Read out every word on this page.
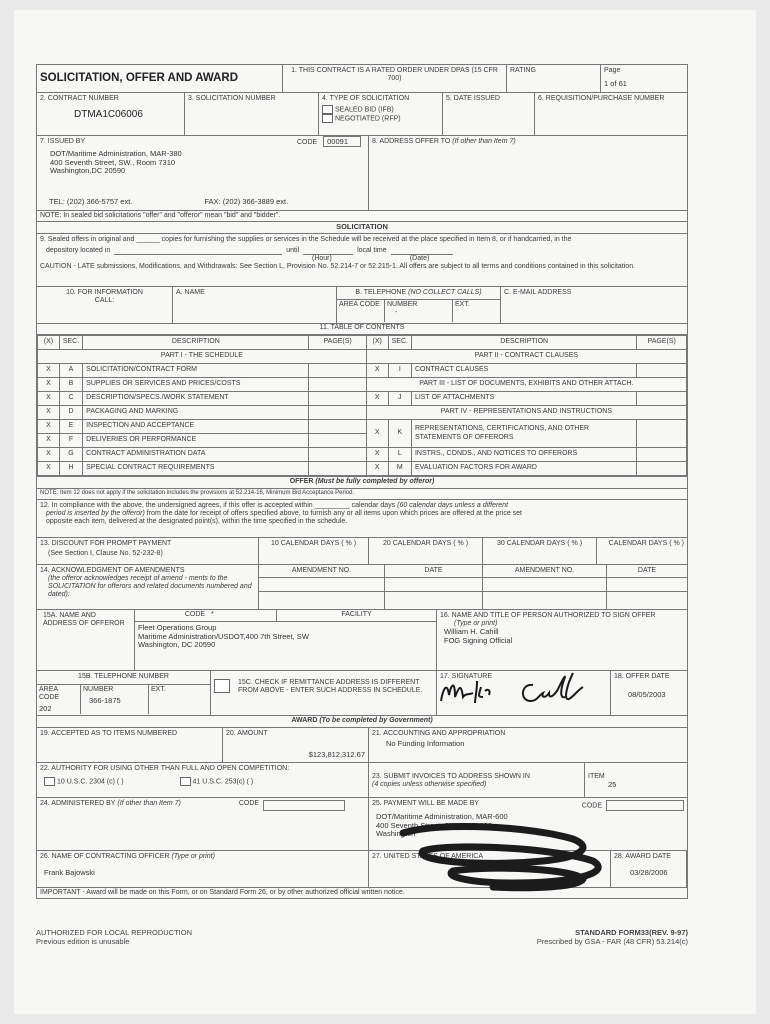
SOLICITATION, OFFER AND AWARD
1. THIS CONTRACT IS A RATED ORDER UNDER DPAS (15 CFR 700)
RATING	Page
1 of 61
2. CONTRACT NUMBER
DTMA1C06006
3. SOLICITATION NUMBER	4. TYPE OF SOLICITATION
SEALED BID (IFB)
NEGOTIATED (RFP)
5. DATE ISSUED	6. REQUISITION/PURCHASE NUMBER
7. ISSUED BY	CODE 00091
DOT/Maritime Administration, MAR-380
400 Seventh Street, SW., Room 7310
Washington,DC 20590
TEL: (202) 366-5757 ext.	FAX: (202) 366-3889 ext.
8. ADDRESS OFFER TO (If other than Item 7)
NOTE: In sealed bid solicitations "offer" and "offeror" mean "bid" and "bidder".
SOLICITATION
9. Sealed offers in original and ______ copies for furnishing the supplies or services in the Schedule will be received at the place specified in Item 8, or if handcarried, in the
depository located in	until	local time
(Hour)	(Date)
CAUTION - LATE submissions, Modifications, and Withdrawals: See Section L, Provision No. 52.214-7 or 52.215-1. All offers are subject to all terms and conditions contained in this solicitation.
10. FOR INFORMATION CALL:
A. NAME	B. TELEPHONE (NO COLLECT CALLS)
AREA CODE	NUMBER
-
EXT.
C. E-MAIL ADDRESS
11. TABLE OF CONTENTS
(X)	SEC.	DESCRIPTION	PAGE(S)	(X)	SEC.	DESCRIPTION	PAGE(S)
PART I - THE SCHEDULE				PART II - CONTRACT CLAUSES			
X	A	SOLICITATION/CONTRACT FORM		X	I	CONTRACT CLAUSES	
X	B	SUPPLIES OR SERVICES AND PRICES/COSTS		PART III - LIST OF DOCUMENTS, EXHIBITS AND OTHER ATTACH.			
X	C	DESCRIPTION/SPECS./WORK STATEMENT		X	J	LIST OF ATTACHMENTS	
X	D	PACKAGING AND MARKING		PART IV - REPRESENTATIONS AND INSTRUCTIONS			
X	E	INSPECTION AND ACCEPTANCE		X	K	REPRESENTATIONS, CERTIFICATIONS, AND OTHER STATEMENTS OF OFFERORS	
X	F	DELIVERIES OR PERFORMANCE					
X	G	CONTRACT ADMINISTRATION DATA		X	L	INSTRS., CONDS., AND NOTICES TO OFFERORS	
X	H	SPECIAL CONTRACT REQUIREMENTS		X	M	EVALUATION FACTORS FOR AWARD	
OFFER (Must be fully completed by offeror)
NOTE: Item 12 does not apply if the solicitation includes the provisions at 52.214-16, Minimum Bid Acceptance Period.
12. In compliance with the above, the undersigned agrees, if this offer is accepted within _________ calendar days (60 calendar days unless a different
period is inserted by the offeror) from the date for receipt of offers specified above, to furnish any or all items upon which prices are offered at the price set
opposite each item, delivered at the designated point(s), within the time specified in the schedule.
13. DISCOUNT FOR PROMPT PAYMENT
(See Section I, Clause No. 52-232-8)
10 CALENDAR DAYS ( % )	20 CALENDAR DAYS ( % )	30 CALENDAR DAYS ( % )	CALENDAR DAYS ( % )
14. ACKNOWLEDGMENT OF AMENDMENTS
(the offeror acknowledges receipt of amend - ments to the SOLICITATION for offerors and related documents numbered and dated):
AMENDMENT NO.	DATE	AMENDMENT NO.	DATE
15A. NAME AND ADDRESS OF OFFEROR
CODE *	FACILITY
Fleet Operations Group
Maritime Administration/USDOT,400 7th Street, SW
Washington, DC 20590
16. NAME AND TITLE OF PERSON AUTHORIZED TO SIGN OFFER
(Type or print)
William H. Cahill
FOG Signing Official
15B. TELEPHONE NUMBER
AREA CODE
202
NUMBER
366-1875
EXT.
15C. CHECK IF REMITTANCE ADDRESS IS DIFFERENT FROM ABOVE - ENTER SUCH ADDRESS IN SCHEDULE.
17. SIGNATURE	18. OFFER DATE
08/05/2003
AWARD (To be completed by Government)
19. ACCEPTED AS TO ITEMS NUMBERED	20. AMOUNT
$123,812,312.67
21. ACCOUNTING AND APPROPRIATION
No Funding Information
22. AUTHORITY FOR USING OTHER THAN FULL AND OPEN COMPETITION:
10 U.S.C. 2304 (c) ( )	41 U.S.C. 253(c) ( )
23. SUBMIT INVOICES TO ADDRESS SHOWN IN
(4 copies unless otherwise specified)
ITEM
25
24. ADMINISTERED BY
(If other than Item 7)	CODE	25. PAYMENT WILL BE MADE BY	CODE
DOT/Maritime Administration, MAR-600
400 Seventh Street, SW, MAR-600
Washington
26. NAME OF CONTRACTING OFFICER (Type or print)
Frank Bajowski
27. UNITED STATES OF AMERICA	28. AWARD DATE
03/28/2006
IMPORTANT - Award will be made on this Form, or on Standard Form 26, or by other authorized official written notice.
AUTHORIZED FOR LOCAL REPRODUCTION	STANDARD FORM33(REV. 9-97)
Previous edition is unusable	Prescribed by GSA - FAR (48 CFR) 53.214(c)
